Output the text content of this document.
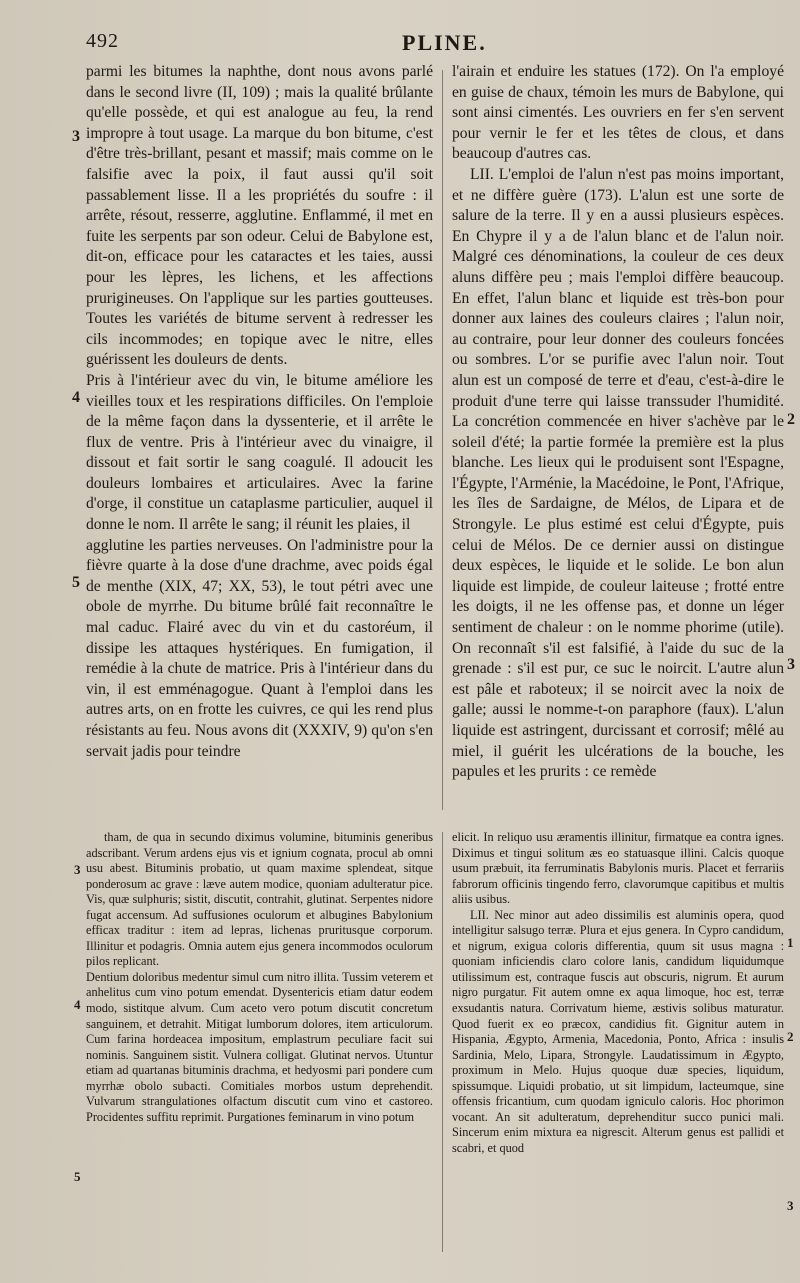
492	PLINE.

parmi les bitumes la naphthe, dont nous avons parlé dans le second livre (II, 109) ; mais la qualité brûlante qu'elle possède, et qui est analogue au feu, la rend impropre à tout usage. La marque du bon bitume, c'est d'être très-brillant, pesant et massif; mais comme on le falsifie avec la poix, il faut aussi qu'il soit passablement lisse. Il a les propriétés du soufre : il arrête, résout, resserre, agglutine. Enflammé, il met en fuite les serpents par son odeur. Celui de Babylone est, dit-on, efficace pour les cataractes et les taies, aussi pour les lèpres, les lichens, et les affections prurigineuses. On l'applique sur les parties goutteuses. Toutes les variétés de bitume servent à redresser les cils incommodes; en topique avec le nitre, elles guérissent les douleurs de dents.

Pris à l'intérieur avec du vin, le bitume améliore les vieilles toux et les respirations difficiles. On l'emploie de la même façon dans la dyssenterie, et il arrête le flux de ventre. Pris à l'intérieur avec du vinaigre, il dissout et fait sortir le sang coagulé. Il adoucit les douleurs lombaires et articulaires. Avec la farine d'orge, il constitue un cataplasme particulier, auquel il donne le nom. Il arrête le sang; il réunit les plaies, il

agglutine les parties nerveuses. On l'administre pour la fièvre quarte à la dose d'une drachme, avec poids égal de menthe (XIX, 47; XX, 53), le tout pétri avec une obole de myrrhe. Du bitume brûlé fait reconnaître le mal caduc. Flairé avec du vin et du castoréum, il dissipe les attaques hystériques. En fumigation, il remédie à la chute de matrice. Pris à l'intérieur dans du vin, il est emménagogue. Quant à l'emploi dans les autres arts, on en frotte les cuivres, ce qui les rend plus résistants au feu. Nous avons dit (XXXIV, 9) qu'on s'en servait jadis pour teindre

l'airain et enduire les statues (172). On l'a employé en guise de chaux, témoin les murs de Babylone, qui sont ainsi cimentés. Les ouvriers en fer s'en servent pour vernir le fer et les têtes de clous, et dans beaucoup d'autres cas.

LII. L'emploi de l'alun n'est pas moins important, et ne diffère guère (173). L'alun est une sorte de salure de la terre. Il y en a aussi plusieurs espèces. En Chypre il y a de l'alun blanc et de l'alun noir. Malgré ces dénominations, la couleur de ces deux aluns diffère peu ; mais l'emploi diffère beaucoup. En effet, l'alun blanc et liquide est très-bon pour donner aux laines des couleurs claires ; l'alun noir, au contraire, pour leur donner des couleurs foncées ou sombres. L'or se purifie avec l'alun noir. Tout alun est un composé de terre et d'eau, c'est-à-dire le produit d'une terre qui laisse transsuder l'humidité. La concrétion commencée en hiver s'achève par le soleil d'été; la partie formée la première est la plus blanche. Les lieux qui le produisent sont l'Espagne, l'Égypte, l'Arménie, la Macédoine, le Pont, l'Afrique, les îles de Sardaigne, de Mélos, de Lipara et de Strongyle. Le plus estimé est celui d'Égypte, puis celui de Mélos. De ce dernier aussi on distingue deux espèces, le liquide et le solide. Le bon alun liquide est limpide, de couleur laiteuse ; frotté entre les doigts, il ne les offense pas, et donne un léger sentiment de chaleur : on le nomme phorime (utile). On reconnaît s'il est falsifié, à l'aide du suc de la grenade : s'il est pur, ce suc le noircit. L'autre alun est pâle et raboteux; il se noircit avec la noix de galle; aussi le nomme-t-on paraphore (faux). L'alun liquide est astringent, durcissant et corrosif; mêlé au miel, il guérit les ulcérations de la bouche, les papules et les prurits : ce remède

tham, de qua in secundo diximus volumine, bituminis generibus adscribant. Verum ardens ejus vis et ignium cognata, procul ab omni usu abest. Bituminis probatio, ut quam maxime splendeat, sitque ponderosum ac grave : læve autem modice, quoniam adulteratur pice. Vis, quæ sulphuris; sistit, discutit, contrahit, glutinat. Serpentes nidore fugat accensum. Ad suffusiones oculorum et albugines Babylonium efficax traditur : item ad lepras, lichenas pruritusque corporum. Illinitur et podagris. Omnia autem ejus genera incommodos oculorum pilos replicant.

Dentium doloribus medentur simul cum nitro illita. Tussim veterem et anhelitus cum vino potum emendat. Dysentericis etiam datur eodem modo, sistitque alvum. Cum aceto vero potum discutit concretum sanguinem, et detrahit. Mitigat lumborum dolores, item articulorum. Cum farina hordeacea impositum, emplastrum peculiare facit sui nominis. Sanguinem sistit. Vulnera colligat. Glutinat nervos. Utuntur etiam ad quartanas bituminis drachma, et hedyosmi pari pondere cum myrrhæ obolo subacti. Comitiales morbos ustum deprehendit. Vulvarum strangulationes olfactum discutit cum vino et castoreo. Procidentes suffitu reprimit. Purgationes feminarum in vino potum

elicit. In reliquo usu æramentis illinitur, firmatque ea contra ignes. Diximus et tingui solitum æs eo statuasque illini. Calcis quoque usum præbuit, ita ferruminatis Babylonis muris. Placet et ferrariis fabrorum officinis tingendo ferro, clavorumque capitibus et multis aliis usibus.

LII. Nec minor aut adeo dissimilis est aluminis opera, quod intelligitur salsugo terræ. Plura et ejus genera. In Cypro candidum, et nigrum, exigua coloris differentia, quum sit usus magna : quoniam inficiendis claro colore lanis, candidum liquidumque utilissimum est, contraque fuscis aut obscuris, nigrum. Et aurum nigro purgatur. Fit autem omne ex aqua limoque, hoc est, terræ exsudantis natura. Corrivatum hieme, æstivis solibus maturatur. Quod fuerit ex eo præcox, candidius fit. Gignitur autem in Hispania, Ægypto, Armenia, Macedonia, Ponto, Africa : insulis Sardinia, Melo, Lipara, Strongyle. Laudatissimum in Ægypto, proximum in Melo. Hujus quoque duæ species, liquidum, spissumque. Liquidi probatio, ut sit limpidum, lacteumque, sine offensis fricantium, cum quodam igniculo caloris. Hoc phorimon vocant. An sit adulteratum, deprehenditur succo punici mali. Sincerum enim mixtura ea nigrescit. Alterum genus est pallidi et scabri, et quod

3
4
5
2
3
3
4
5
1
2
3
